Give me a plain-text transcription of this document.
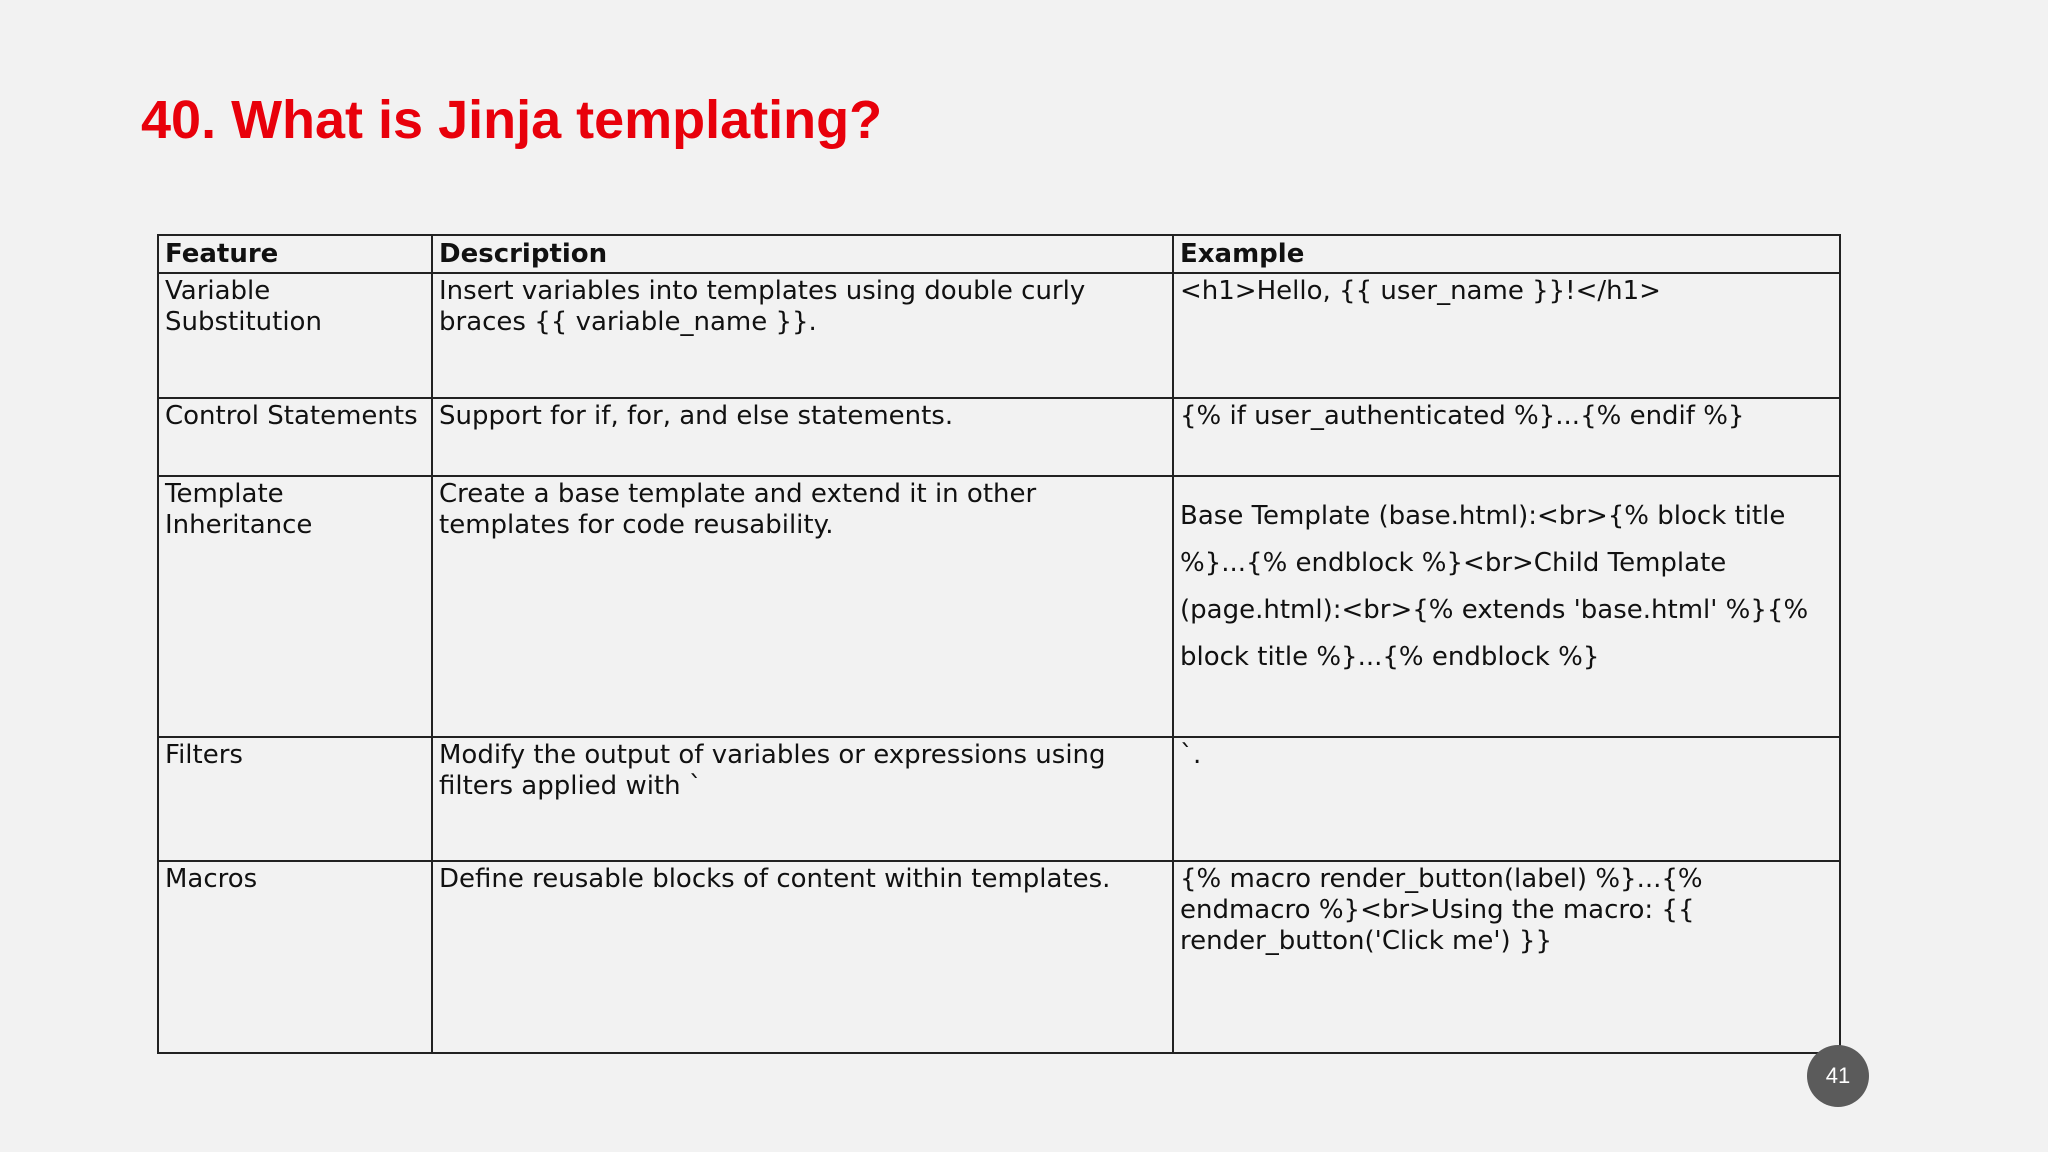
40. What is Jinja templating?
Feature	Description	Example
Variable Substitution	Insert variables into templates using double curly braces {{ variable_name }}.	<h1>Hello, {{ user_name }}!</h1>
Control Statements	Support for if, for, and else statements.	{% if user_authenticated %}...{% endif %}
Template Inheritance	Create a base template and extend it in other templates for code reusability.	Base Template (base.html):<br>{% block title %}...{% endblock %}<br>Child Template (page.html):<br>{% extends 'base.html' %}{% block title %}...{% endblock %}

Filters	Modify the output of variables or expressions using filters applied with `	`.
Macros	Define reusable blocks of content within templates.	{% macro render_button(label) %}...{% endmacro %}<br>Using the macro: {{ render_button('Click me') }}
41
